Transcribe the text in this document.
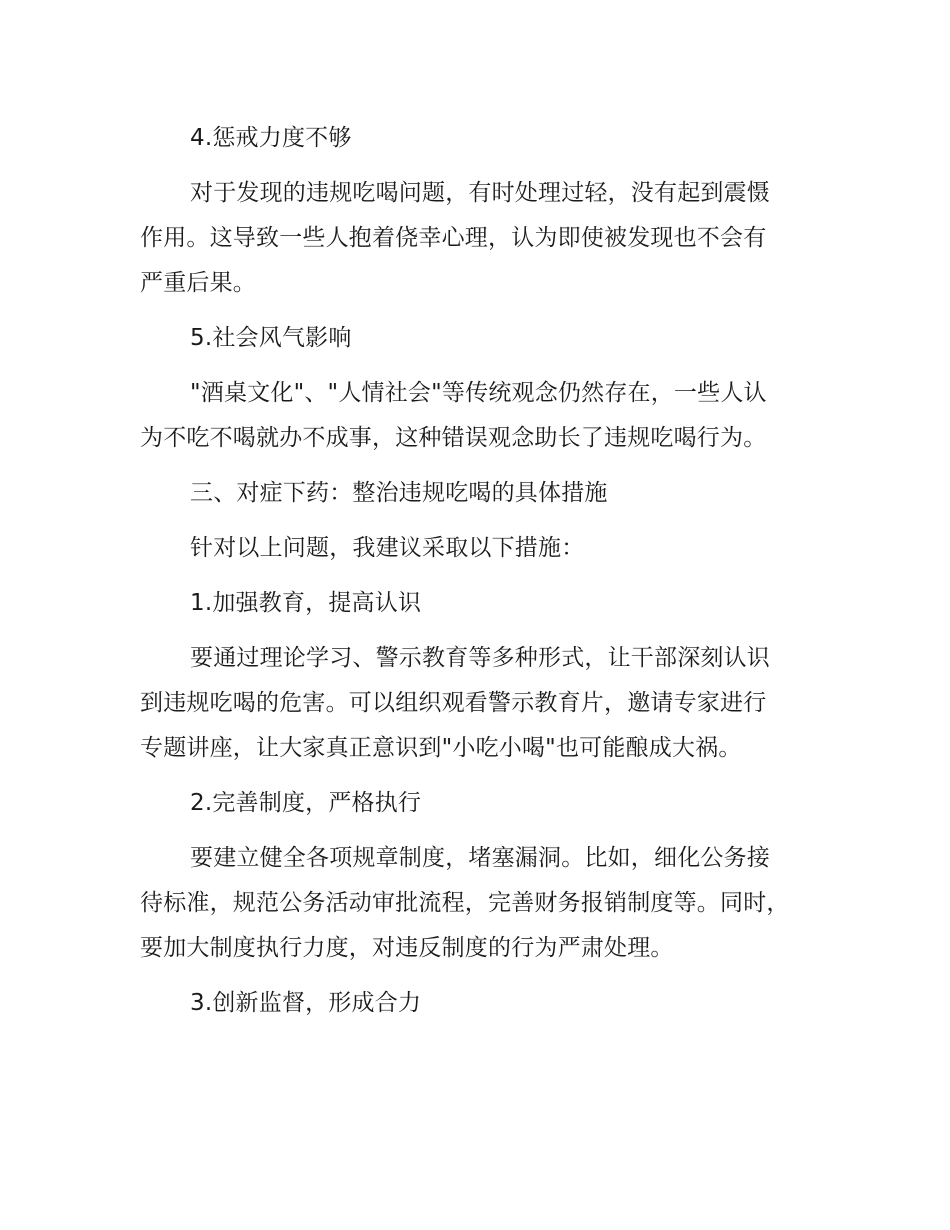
4.惩戒力度不够

对于发现的违规吃喝问题，有时处理过轻，没有起到震慑
作用。这导致一些人抱着侥幸心理，认为即使被发现也不会有
严重后果。

5.社会风气影响

"酒桌文化"、"人情社会"等传统观念仍然存在，一些人认
为不吃不喝就办不成事，这种错误观念助长了违规吃喝行为。

三、对症下药：整治违规吃喝的具体措施

针对以上问题，我建议采取以下措施：

1.加强教育，提高认识

要通过理论学习、警示教育等多种形式，让干部深刻认识
到违规吃喝的危害。可以组织观看警示教育片，邀请专家进行
专题讲座，让大家真正意识到"小吃小喝"也可能酿成大祸。

2.完善制度，严格执行

要建立健全各项规章制度，堵塞漏洞。比如，细化公务接
待标准，规范公务活动审批流程，完善财务报销制度等。同时，
要加大制度执行力度，对违反制度的行为严肃处理。

3.创新监督，形成合力
